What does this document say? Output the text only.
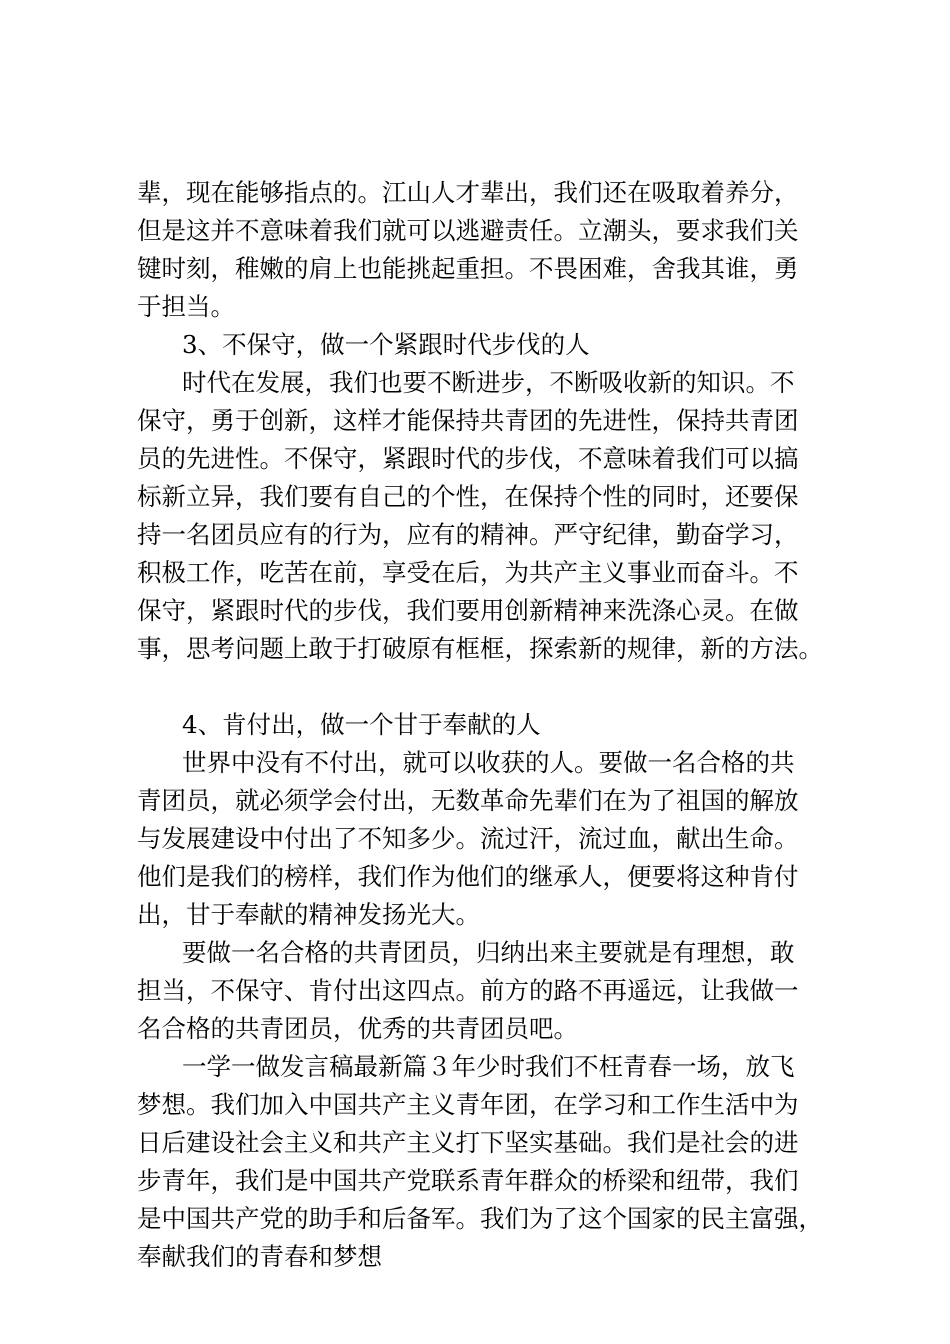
辈，现在能够指点的。江山人才辈出，我们还在吸取着养分，

但是这并不意味着我们就可以逃避责任。立潮头，要求我们关

键时刻，稚嫩的肩上也能挑起重担。不畏困难，舍我其谁，勇

于担当。

3、不保守，做一个紧跟时代步伐的人

时代在发展，我们也要不断进步，不断吸收新的知识。不

保守，勇于创新，这样才能保持共青团的先进性，保持共青团

员的先进性。不保守，紧跟时代的步伐，不意味着我们可以搞

标新立异，我们要有自己的个性，在保持个性的同时，还要保

持一名团员应有的行为，应有的精神。严守纪律，勤奋学习，

积极工作，吃苦在前，享受在后，为共产主义事业而奋斗。不

保守，紧跟时代的步伐，我们要用创新精神来洗涤心灵。在做

事，思考问题上敢于打破原有框框，探索新的规律，新的方法。

4、肯付出，做一个甘于奉献的人

世界中没有不付出，就可以收获的人。要做一名合格的共

青团员，就必须学会付出，无数革命先辈们在为了祖国的解放

与发展建设中付出了不知多少。流过汗，流过血，献出生命。

他们是我们的榜样，我们作为他们的继承人，便要将这种肯付

出，甘于奉献的精神发扬光大。

要做一名合格的共青团员，归纳出来主要就是有理想，敢

担当，不保守、肯付出这四点。前方的路不再遥远，让我做一

名合格的共青团员，优秀的共青团员吧。

一学一做发言稿最新篇３年少时我们不枉青春一场，放飞

梦想。我们加入中国共产主义青年团，在学习和工作生活中为

日后建设社会主义和共产主义打下坚实基础。我们是社会的进

步青年，我们是中国共产党联系青年群众的桥梁和纽带，我们

是中国共产党的助手和后备军。我们为了这个国家的民主富强，

奉献我们的青春和梦想
